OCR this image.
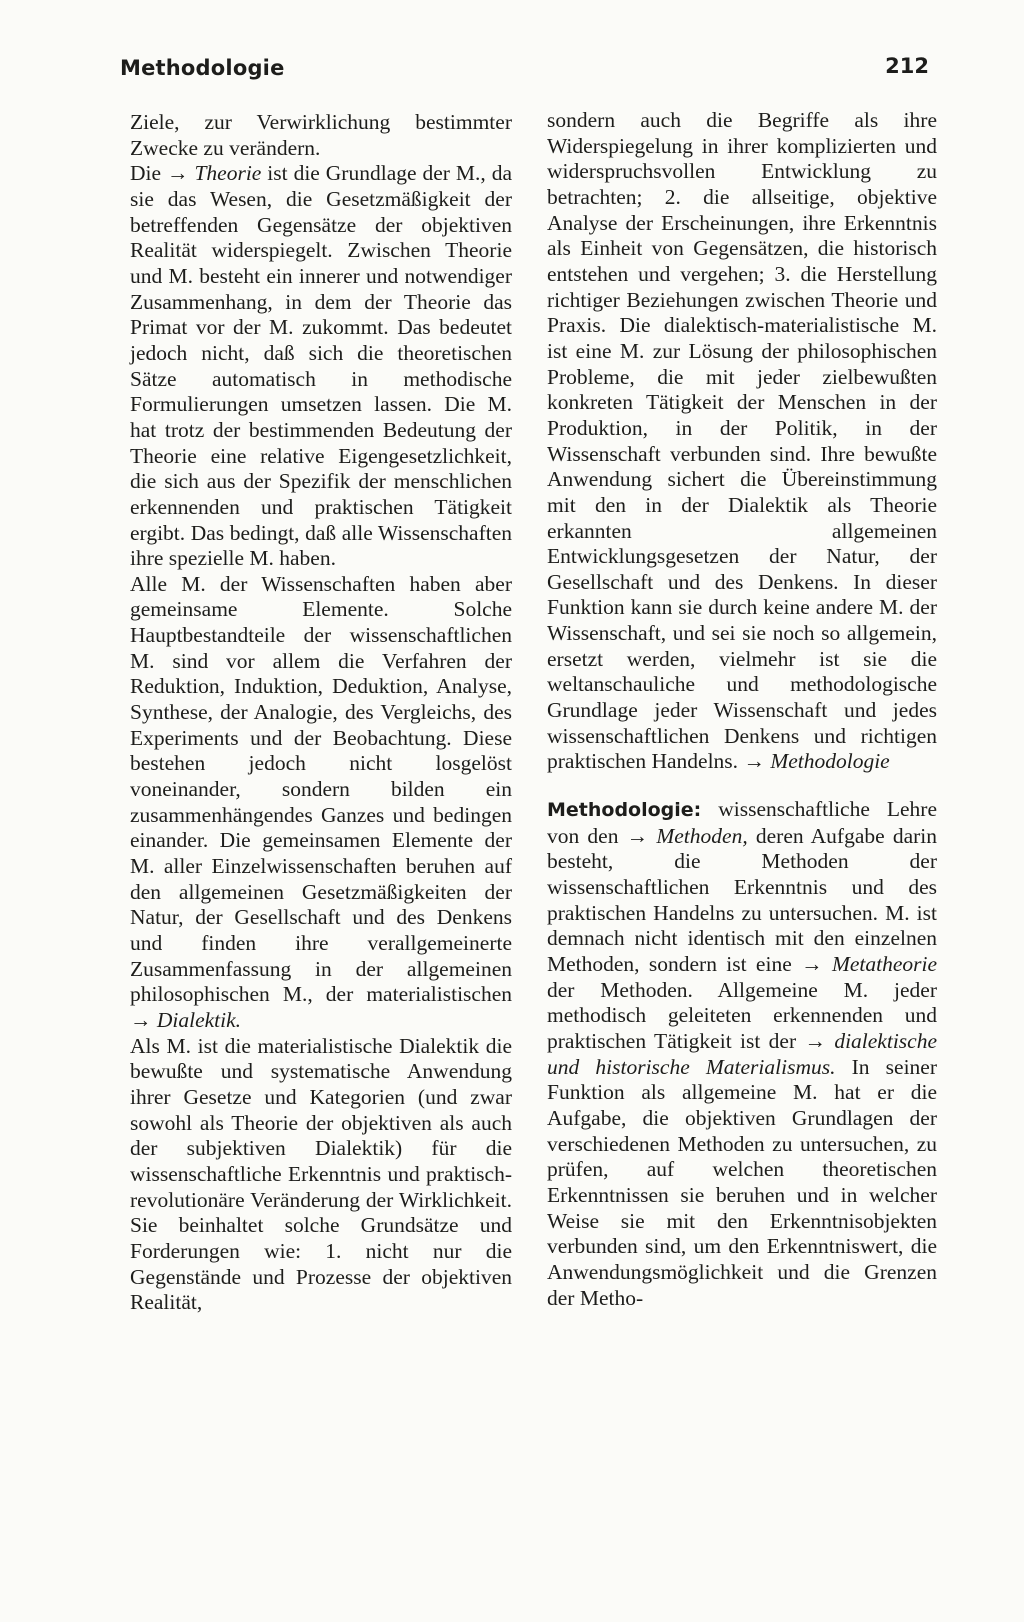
Methodologie	212

Ziele, zur Verwirklichung bestimmter Zwecke zu verändern.

Die → Theorie ist die Grundlage der M., da sie das Wesen, die Gesetzmäßigkeit der betreffenden Gegensätze der objektiven Realität widerspiegelt. Zwischen Theorie und M. besteht ein innerer und notwendiger Zusammenhang, in dem der Theorie das Primat vor der M. zukommt. Das bedeutet jedoch nicht, daß sich die theoretischen Sätze automatisch in methodische Formulierungen umsetzen lassen. Die M. hat trotz der bestimmenden Bedeutung der Theorie eine relative Eigengesetzlichkeit, die sich aus der Spezifik der menschlichen erkennenden und praktischen Tätigkeit ergibt. Das bedingt, daß alle Wissenschaften ihre spezielle M. haben.

Alle M. der Wissenschaften haben aber gemeinsame Elemente. Solche Hauptbestandteile der wissenschaftlichen M. sind vor allem die Verfahren der Reduktion, Induktion, Deduktion, Analyse, Synthese, der Analogie, des Vergleichs, des Experiments und der Beobachtung. Diese bestehen jedoch nicht losgelöst voneinander, sondern bilden ein zusammenhängendes Ganzes und bedingen einander. Die gemeinsamen Elemente der M. aller Einzelwissenschaften beruhen auf den allgemeinen Gesetzmäßigkeiten der Natur, der Gesellschaft und des Denkens und finden ihre verallgemeinerte Zusammenfassung in der allgemeinen philosophischen M., der materialistischen → Dialektik.

Als M. ist die materialistische Dialektik die bewußte und systematische Anwendung ihrer Gesetze und Kategorien (und zwar sowohl als Theorie der objektiven als auch der subjektiven Dialektik) für die wissenschaftliche Erkenntnis und praktisch-revolutionäre Veränderung der Wirklichkeit. Sie beinhaltet solche Grundsätze und Forderungen wie: 1. nicht nur die Gegenstände und Prozesse der objektiven Realität,

sondern auch die Begriffe als ihre Widerspiegelung in ihrer komplizierten und widerspruchsvollen Entwicklung zu betrachten; 2. die allseitige, objektive Analyse der Erscheinungen, ihre Erkenntnis als Einheit von Gegensätzen, die historisch entstehen und vergehen; 3. die Herstellung richtiger Beziehungen zwischen Theorie und Praxis. Die dialektisch-materialistische M. ist eine M. zur Lösung der philosophischen Probleme, die mit jeder zielbewußten konkreten Tätigkeit der Menschen in der Produktion, in der Politik, in der Wissenschaft verbunden sind. Ihre bewußte Anwendung sichert die Übereinstimmung mit den in der Dialektik als Theorie erkannten allgemeinen Entwicklungsgesetzen der Natur, der Gesellschaft und des Denkens. In dieser Funktion kann sie durch keine andere M. der Wissenschaft, und sei sie noch so allgemein, ersetzt werden, vielmehr ist sie die weltanschauliche und methodologische Grundlage jeder Wissenschaft und jedes wissenschaftlichen Denkens und richtigen praktischen Handelns. → Methodologie

Methodologie: wissenschaftliche Lehre von den → Methoden, deren Aufgabe darin besteht, die Methoden der wissenschaftlichen Erkenntnis und des praktischen Handelns zu untersuchen. M. ist demnach nicht identisch mit den einzelnen Methoden, sondern ist eine → Metatheorie der Methoden. Allgemeine M. jeder methodisch geleiteten erkennenden und praktischen Tätigkeit ist der → dialektische und historische Materialismus. In seiner Funktion als allgemeine M. hat er die Aufgabe, die objektiven Grundlagen der verschiedenen Methoden zu untersuchen, zu prüfen, auf welchen theoretischen Erkenntnissen sie beruhen und in welcher Weise sie mit den Erkenntnisobjekten verbunden sind, um den Erkenntniswert, die Anwendungsmöglichkeit und die Grenzen der Metho-
